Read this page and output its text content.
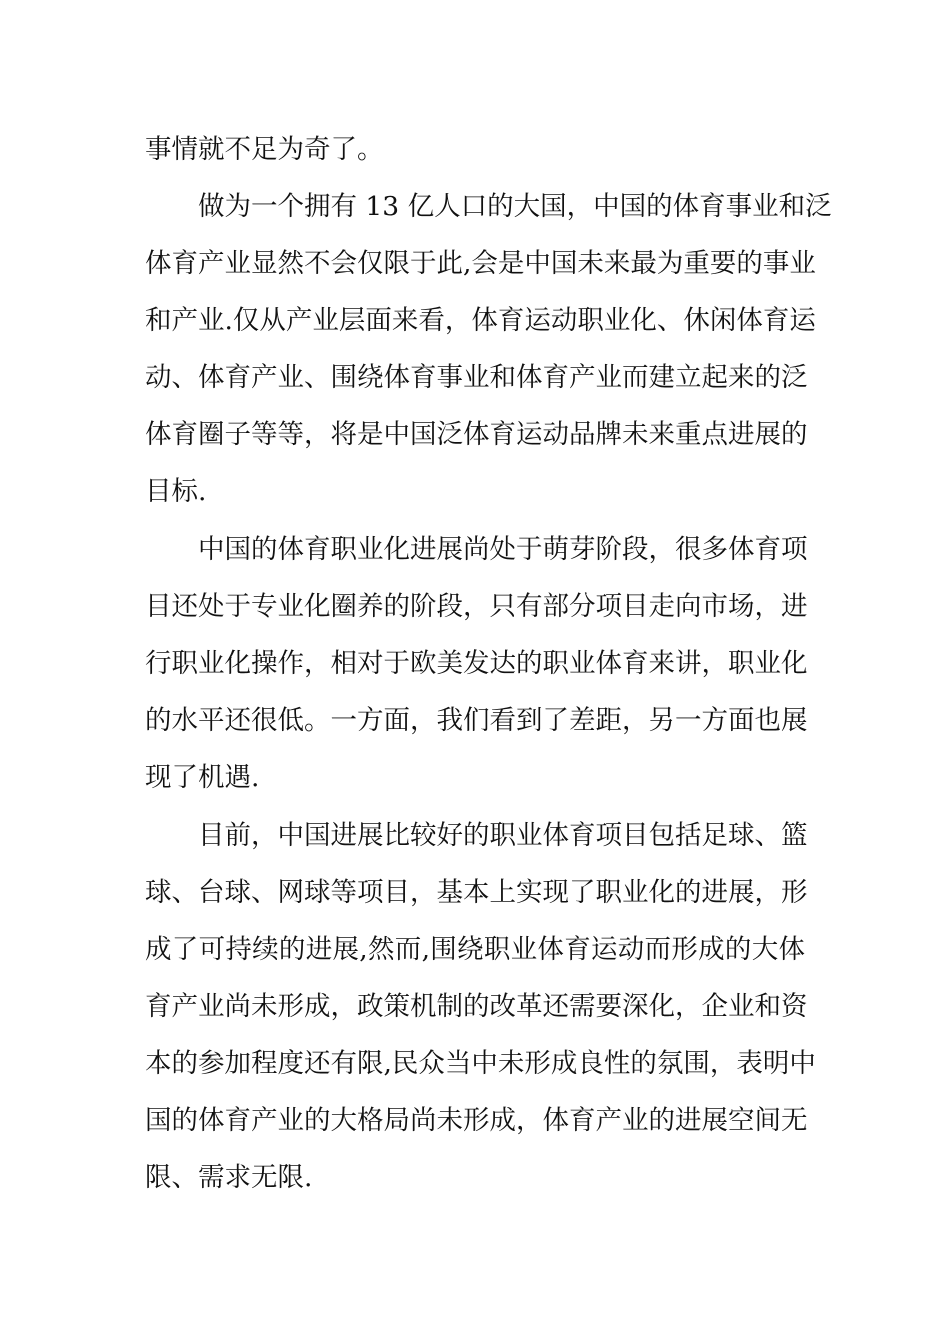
事情就不足为奇了。
做为一个拥有 13 亿人口的大国，中国的体育事业和泛
体育产业显然不会仅限于此,会是中国未来最为重要的事业
和产业.仅从产业层面来看，体育运动职业化、休闲体育运
动、体育产业、围绕体育事业和体育产业而建立起来的泛
体育圈子等等，将是中国泛体育运动品牌未来重点进展的
目标.
中国的体育职业化进展尚处于萌芽阶段，很多体育项
目还处于专业化圈养的阶段，只有部分项目走向市场，进
行职业化操作，相对于欧美发达的职业体育来讲，职业化
的水平还很低。一方面，我们看到了差距，另一方面也展
现了机遇.
目前，中国进展比较好的职业体育项目包括足球、篮
球、台球、网球等项目，基本上实现了职业化的进展，形
成了可持续的进展,然而,围绕职业体育运动而形成的大体
育产业尚未形成，政策机制的改革还需要深化，企业和资
本的参加程度还有限,民众当中未形成良性的氛围，表明中
国的体育产业的大格局尚未形成，体育产业的进展空间无
限、需求无限.
